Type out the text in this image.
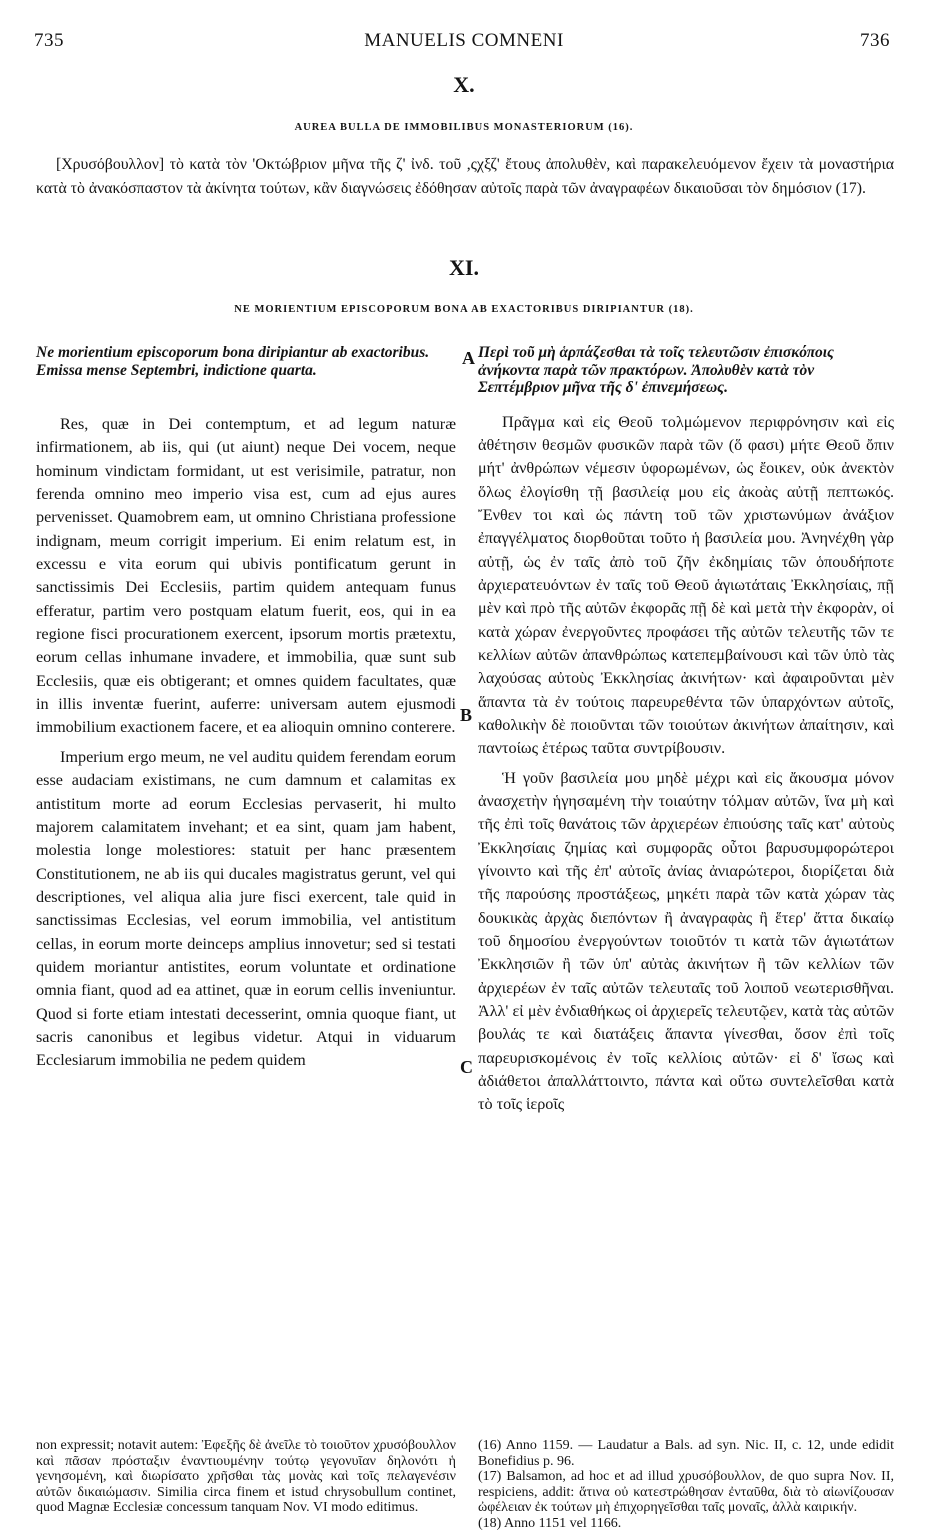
735	MANUELIS COMNENI	736
X.
AUREA BULLA DE IMMOBILIBUS MONASTERIORUM (16).

[Χρυσόβουλλον] τὸ κατὰ τὸν 'Οκτώβριον μῆνα τῆς ζ' ἰνδ. τοῦ ,ςχξζ' ἔτους ἀπολυθὲν, καὶ παρακελευόμενον ἔχειν τὰ μοναστήρια κατὰ τὸ ἀνακόσπαστον τὰ ἀκίνητα τούτων, κἂν διαγνώσεις ἐδόθησαν αὐτοῖς παρὰ τῶν ἀναγραφέων δικαιοῦσαι τὸν δημόσιον (17).

XI.
NE MORIENTIUM EPISCOPORUM BONA AB EXACTORIBUS DIRIPIANTUR (18).

Ne morientium episcoporum bona diripiantur ab exactoribus. Emissa mense Septembri, indictione quarta.

Res, quæ in Dei contemptum, et ad legum naturæ infirmationem, ab iis, qui (ut aiunt) neque Dei vocem, neque hominum vindictam formidant, ut est verisimile, patratur, non ferenda omnino meo imperio visa est, cum ad ejus aures pervenisset. Quamobrem eam, ut omnino Christiana professione indignam, meum corrigit imperium. Ei enim relatum est, in excessu e vita eorum qui ubivis pontificatum gerunt in sanctissimis Dei Ecclesiis, partim quidem antequam funus efferatur, partim vero postquam elatum fuerit, eos, qui in ea regione fisci procurationem exercent, ipsorum mortis prætextu, eorum cellas inhumane invadere, et immobilia, quæ sunt sub Ecclesiis, quæ eis obtigerant; et omnes quidem facultates, quæ in illis inventæ fuerint, auferre: universam autem ejusmodi immobilium exactionem facere, et ea alioquin omnino conterere.

Imperium ergo meum, ne vel auditu quidem ferendam eorum esse audaciam existimans, ne cum damnum et calamitas ex antistitum morte ad eorum Ecclesias pervaserit, hi multo majorem calamitatem invehant; et ea sint, quam jam habent, molestia longe molestiores: statuit per hanc præsentem Constitutionem, ne ab iis qui ducales magistratus gerunt, vel qui descriptiones, vel aliqua alia jure fisci exercent, tale quid in sanctissimas Ecclesias, vel eorum immobilia, vel antistitum cellas, in eorum morte deinceps amplius innovetur; sed si testati quidem moriantur antistites, eorum voluntate et ordinatione omnia fiant, quod ad ea attinet, quæ in eorum cellis inveniuntur. Quod si forte etiam intestati decesserint, omnia quoque fiant, ut sacris canonibus et legibus videtur. Atqui in viduarum Ecclesiarum immobilia ne pedem quidem

A
B
C

Περὶ τοῦ μὴ ἁρπάζεσθαι τὰ τοῖς τελευτῶσιν ἐπισκόποις ἀνήκοντα παρὰ τῶν πρακτόρων. Ἀπολυθὲν κατὰ τὸν Σεπτέμβριον μῆνα τῆς δ' ἐπινεμήσεως.

Πρᾶγμα καὶ εἰς Θεοῦ τολμώμενον περιφρόνησιν καὶ εἰς ἀθέτησιν θεσμῶν φυσικῶν παρὰ τῶν (ὅ φασι) μήτε Θεοῦ ὄπιν μήτ' ἀνθρώπων νέμεσιν ὑφορωμένων, ὡς ἔοικεν, οὐκ ἀνεκτὸν ὅλως ἐλογίσθη τῇ βασιλείᾳ μου εἰς ἀκοὰς αὐτῇ πεπτωκός. Ἔνθεν τοι καὶ ὡς πάντη τοῦ τῶν χριστωνύμων ἀνάξιον ἐπαγγέλματος διορθοῦται τοῦτο ἡ βασιλεία μου. Ἀνηνέχθη γὰρ αὐτῇ, ὡς ἐν ταῖς ἀπὸ τοῦ ζῆν ἐκδημίαις τῶν ὁπουδήποτε ἀρχιερατευόντων ἐν ταῖς τοῦ Θεοῦ ἁγιωτάταις Ἐκκλησίαις, πῇ μὲν καὶ πρὸ τῆς αὐτῶν ἐκφορᾶς πῇ δὲ καὶ μετὰ τὴν ἐκφορὰν, οἱ κατὰ χώραν ἐνεργοῦντες προφάσει τῆς αὐτῶν τελευτῆς τῶν τε κελλίων αὐτῶν ἀπανθρώπως κατεπεμβαίνουσι καὶ τῶν ὑπὸ τὰς λαχούσας αὐτοὺς Ἐκκλησίας ἀκινήτων· καὶ ἀφαιροῦνται μὲν ἅπαντα τὰ ἐν τούτοις παρευρεθέντα τῶν ὑπαρχόντων αὐτοῖς, καθολικὴν δὲ ποιοῦνται τῶν τοιούτων ἀκινήτων ἀπαίτησιν, καὶ παντοίως ἑτέρως ταῦτα συντρίβουσιν.

Ἡ γοῦν βασιλεία μου μηδὲ μέχρι καὶ εἰς ἄκουσμα μόνον ἀνασχετὴν ἡγησαμένη τὴν τοιαύτην τόλμαν αὐτῶν, ἵνα μὴ καὶ τῆς ἐπὶ τοῖς θανάτοις τῶν ἀρχιερέων ἐπιούσης ταῖς κατ' αὐτοὺς Ἐκκλησίαις ζημίας καὶ συμφορᾶς οὗτοι βαρυσυμφορώτεροι γίνοιντο καὶ τῆς ἐπ' αὐτοῖς ἀνίας ἀνιαρώτεροι, διορίζεται διὰ τῆς παρούσης προστάξεως, μηκέτι παρὰ τῶν κατὰ χώραν τὰς δουκικὰς ἀρχὰς διεπόντων ἢ ἀναγραφὰς ἢ ἕτερ' ἄττα δικαίῳ τοῦ δημοσίου ἐνεργούντων τοιοῦτόν τι κατὰ τῶν ἁγιωτάτων Ἐκκλησιῶν ἢ τῶν ὑπ' αὐτὰς ἀκινήτων ἢ τῶν κελλίων τῶν ἀρχιερέων ἐν ταῖς αὐτῶν τελευταῖς τοῦ λοιποῦ νεωτερισθῆναι. Ἀλλ' εἰ μὲν ἐνδιαθήκως οἱ ἀρχιερεῖς τελευτῷεν, κατὰ τὰς αὐτῶν βουλάς τε καὶ διατάξεις ἅπαντα γίνεσθαι, ὅσον ἐπὶ τοῖς παρευρισκομένοις ἐν τοῖς κελλίοις αὐτῶν· εἰ δ' ἴσως καὶ ἀδιάθετοι ἀπαλλάττοιντο, πάντα καὶ οὕτω συντελεῖσθαι κατὰ τὸ τοῖς ἱεροῖς

non expressit; notavit autem: Ἐφεξῆς δὲ ἀνεῖλε τὸ τοιοῦτον χρυσόβουλλον καὶ πᾶσαν πρόσταξιν ἐναντιουμένην τούτῳ γεγονυῖαν δηλονότι ἡ γενησομένη, καὶ διωρίσατο χρῆσθαι τὰς μονὰς καὶ τοῖς πελαγενέσιν αὐτῶν δικαιώμασιν. Similia circa finem et istud chrysobullum continet, quod Magnæ Ecclesiæ concessum tanquam Nov. VI modo editimus.

(16) Anno 1159. — Laudatur a Bals. ad syn. Nic. II, c. 12, unde edidit Bonefidius p. 96.

(17) Balsamon, ad hoc et ad illud χρυσόβουλλον, de quo supra Nov. II, respiciens, addit: ἅτινα οὐ κατεστρώθησαν ἐνταῦθα, διὰ τὸ αἰωνίζουσαν ὠφέλειαν ἐκ τούτων μὴ ἐπιχορηγεῖσθαι ταῖς μοναῖς, ἀλλὰ καιρικήν.

(18) Anno 1151 vel 1166.
